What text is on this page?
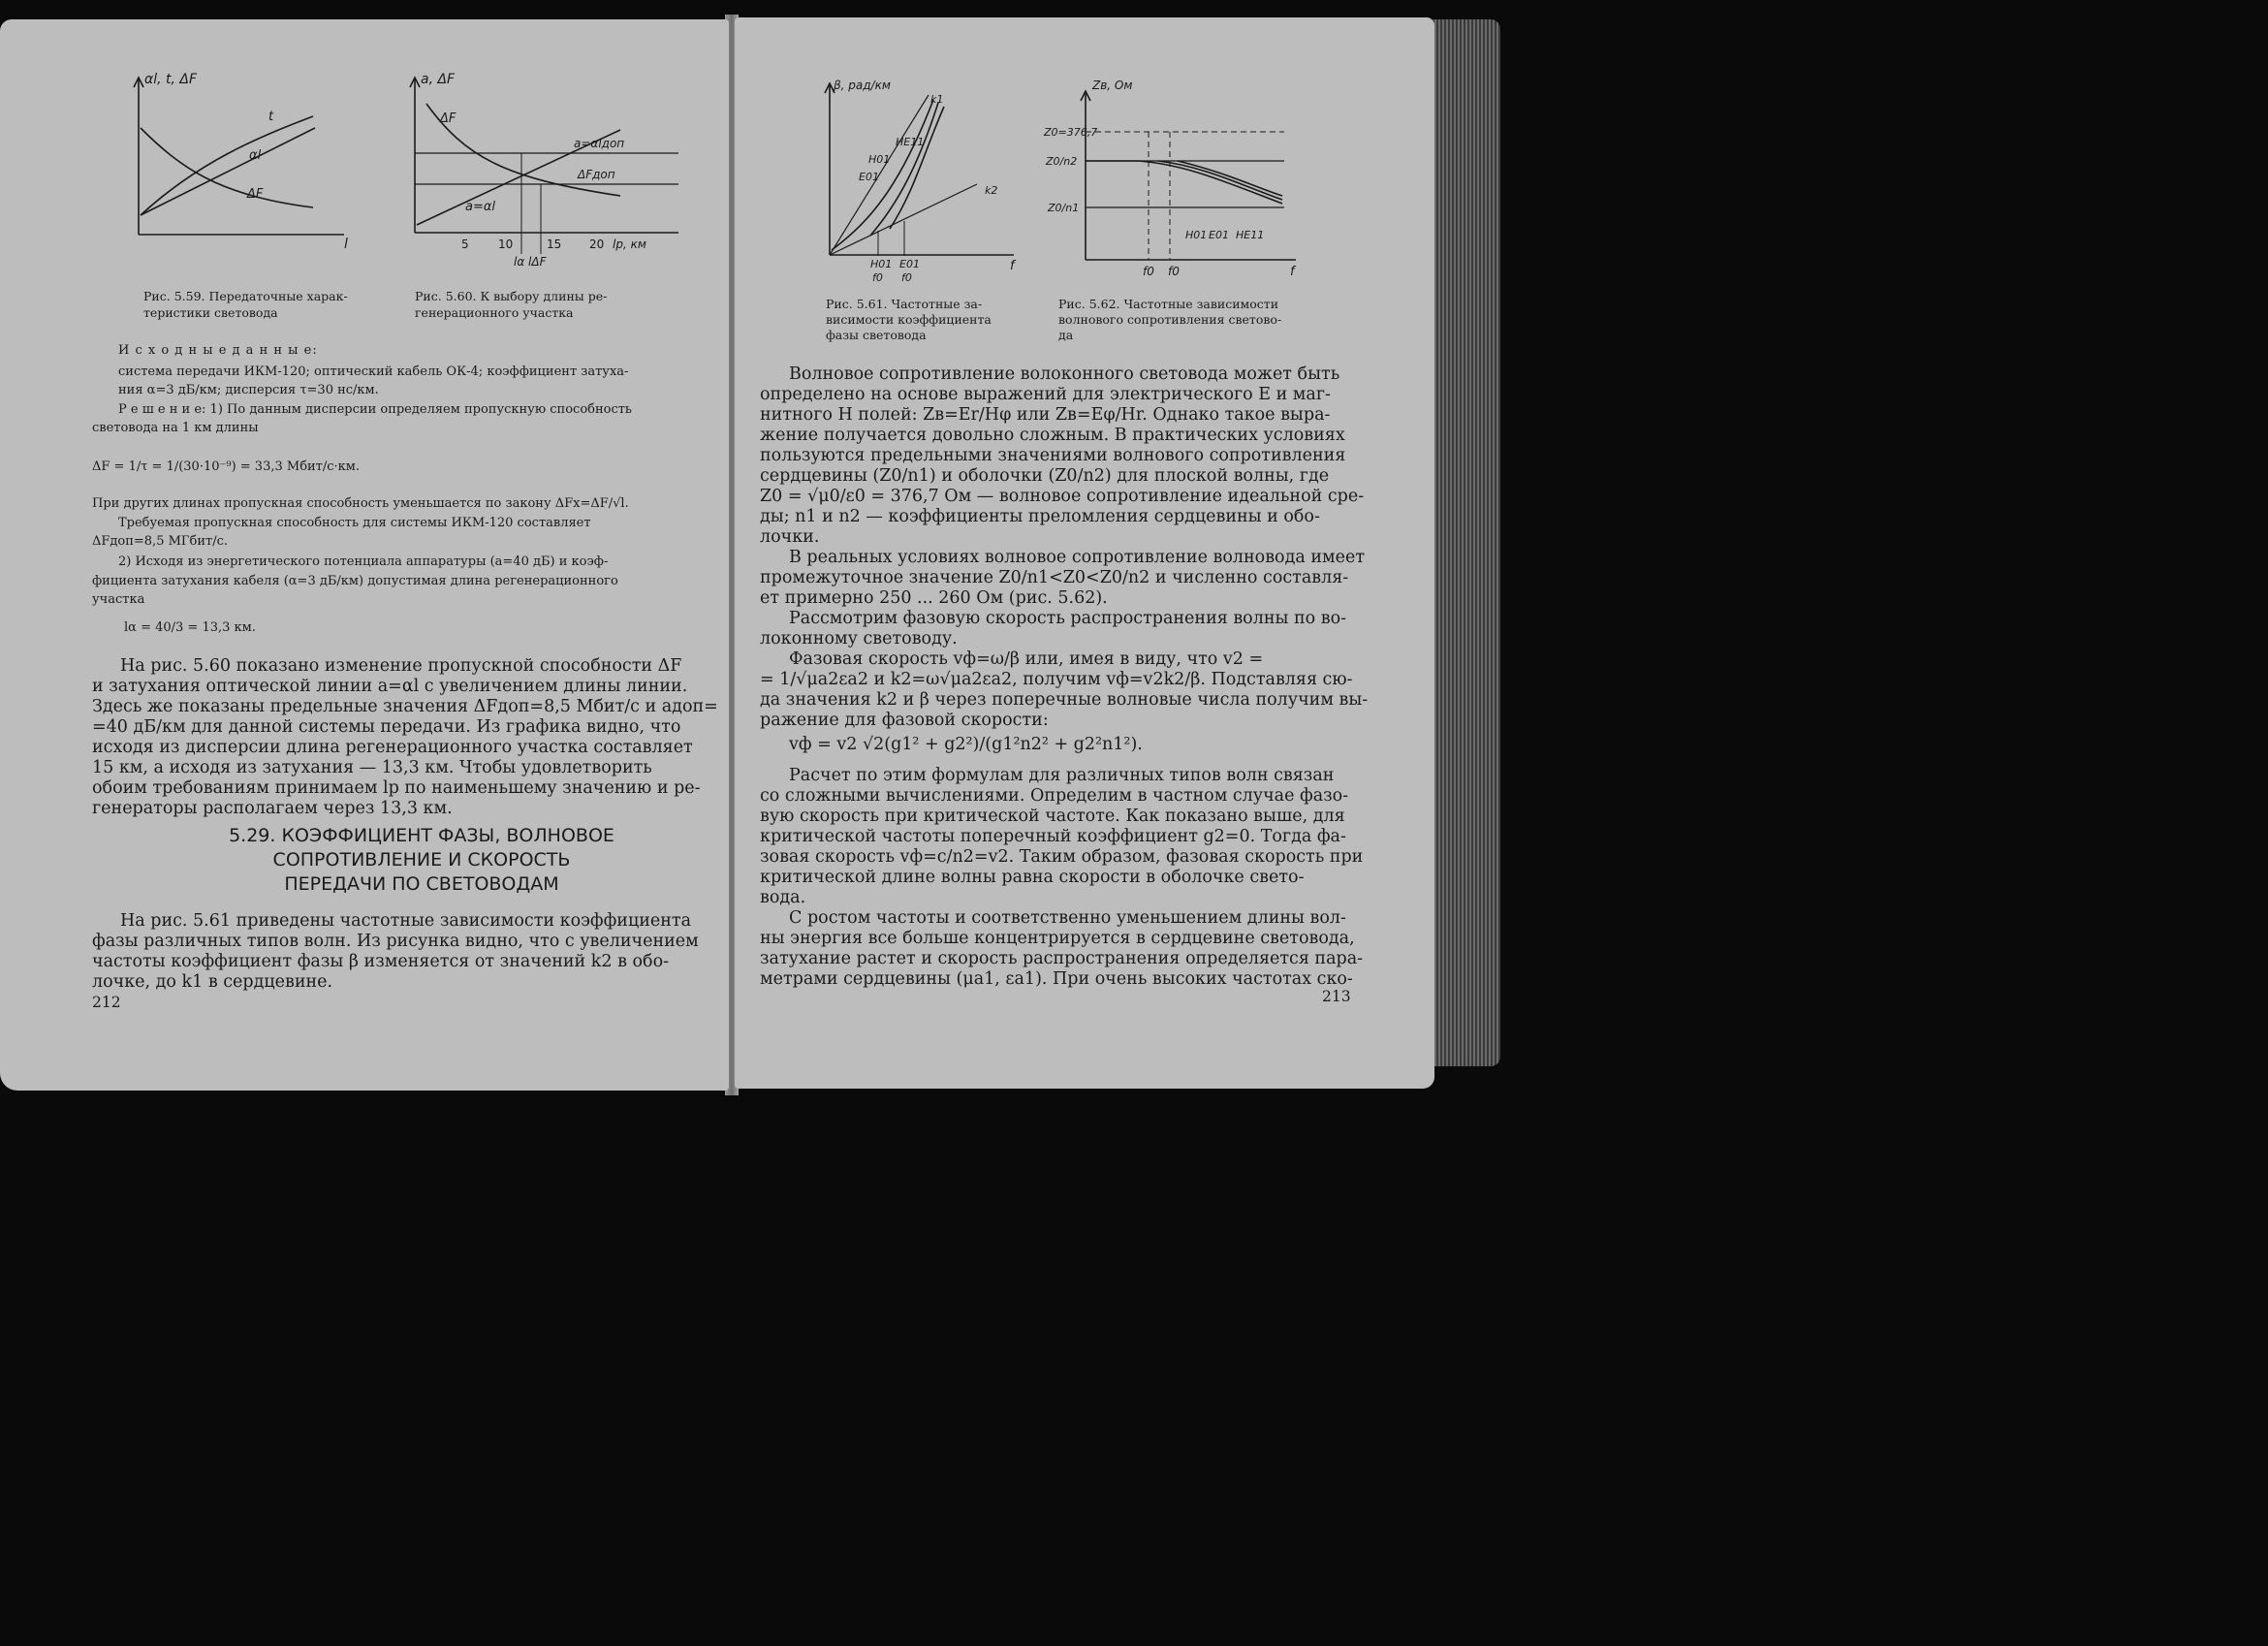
αl, t, ΔF
l
t
αl
ΔF
Рис. 5.59. Передаточные харак-
теристики световода
a, ΔF
ΔF
a=αlдоп
ΔFдоп
a=αl
5	10	15 20 lр, км
lα lΔF
Рис. 5.60. К выбору длины ре-
генерационного участка
И с х о д н ы е д а н н ы е:
система передачи ИКМ-120; оптический кабель ОК-4; коэффициент затуха-
ния α=3 дБ/км; дисперсия τ=30 нс/км.
Р е ш е н и е: 1) По данным дисперсии определяем пропускную способность
световода на 1 км длины
ΔF = 1/τ = 1/(30·10⁻⁹) = 33,3 Мбит/с·км.
При других длинах пропускная способность уменьшается по закону ΔFx=ΔF/√l.
Требуемая пропускная способность для системы ИКМ-120 составляет
ΔFдоп=8,5 МГбит/с.
2) Исходя из энергетического потенциала аппаратуры (a=40 дБ) и коэф-
фициента затухания кабеля (α=3 дБ/км) допустимая длина регенерационного
участка
lα = 40/3 = 13,3 км.
На рис. 5.60 показано изменение пропускной способности ΔF
и затухания оптической линии a=αl с увеличением длины линии.
Здесь же показаны предельные значения ΔFдоп=8,5 Мбит/с и aдоп=
=40 дБ/км для данной системы передачи. Из графика видно, что
исходя из дисперсии длина регенерационного участка составляет
15 км, а исходя из затухания — 13,3 км. Чтобы удовлетворить
обоим требованиям принимаем lр по наименьшему значению и ре-
генераторы располагаем через 13,3 км.
5.29. КОЭФФИЦИЕНТ ФАЗЫ, ВОЛНОВОЕ
СОПРОТИВЛЕНИЕ И СКОРОСТЬ
ПЕРЕДАЧИ ПО СВЕТОВОДАМ
На рис. 5.61 приведены частотные зависимости коэффициента
фазы различных типов волн. Из рисунка видно, что с увеличением
частоты коэффициент фазы β изменяется от значений k2 в обо-
лочке, до k1 в сердцевине.
212
β, рад/км
f
k1
HE11
H01
E01
k2
H01 E01
f0 f0
Рис. 5.61. Частотные за-
висимости коэффициента
фазы световода
Zв, Ом
Z0=376,7
Z0/n2
Z0/n1
H01 E01 HE11
f0 f0	f
Рис. 5.62. Частотные зависимости
волнового сопротивления светово-
да
Волновое сопротивление волоконного световода может быть
определено на основе выражений для электрического E и маг-
нитного H полей: Zв=Er/Hφ или Zв=Eφ/Hr. Однако такое выра-
жение получается довольно сложным. В практических условиях
пользуются предельными значениями волнового сопротивления
сердцевины (Z0/n1) и оболочки (Z0/n2) для плоской волны, где
Z0 = √μ0/ε0 = 376,7 Ом — волновое сопротивление идеальной сре-
ды; n1 и n2 — коэффициенты преломления сердцевины и обо-
лочки.
В реальных условиях волновое сопротивление волновода имеет
промежуточное значение Z0/n1<Z0<Z0/n2 и численно составля-
ет примерно 250 ... 260 Ом (рис. 5.62).
Рассмотрим фазовую скорость распространения волны по во-
локонному световоду.
Фазовая скорость vф=ω/β или, имея в виду, что v2 =
= 1/√μa2εa2 и k2=ω√μa2εa2, получим vф=v2k2/β. Подставляя сю-
да значения k2 и β через поперечные волновые числа получим вы-
ражение для фазовой скорости:
vф = v2 √2(g1² + g2²)/(g1²n2² + g2²n1²).
Расчет по этим формулам для различных типов волн связан
со сложными вычислениями. Определим в частном случае фазо-
вую скорость при критической частоте. Как показано выше, для
критической частоты поперечный коэффициент g2=0. Тогда фа-
зовая скорость vф=c/n2=v2. Таким образом, фазовая скорость при
критической длине волны равна скорости в оболочке свето-
вода.
С ростом частоты и соответственно уменьшением длины вол-
ны энергия все больше концентрируется в сердцевине световода,
затухание растет и скорость распространения определяется пара-
метрами сердцевины (μa1, εa1). При очень высоких частотах ско-
213
